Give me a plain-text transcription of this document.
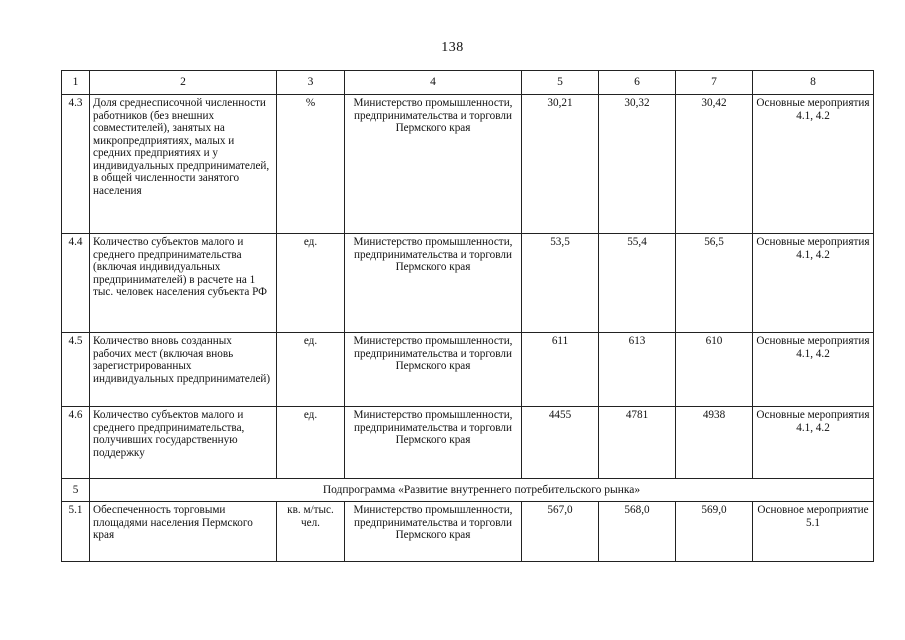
138
1	2	3	4	5	6	7	8
4.3	Доля среднесписочной численности работников (без внешних совместителей), занятых на микропредприятиях, малых и средних предприятиях и у индивидуальных предпринимателей, в общей численности занятого населения	%	Министерство промышленности, предпринимательства и торговли Пермского края	30,21	30,32	30,42	Основные мероприятия 4.1, 4.2
4.4	Количество субъектов малого и среднего предпринимательства (включая индивидуальных предпринимателей) в расчете на 1 тыс. человек населения субъекта РФ	ед.	Министерство промышленности, предпринимательства и торговли Пермского края	53,5	55,4	56,5	Основные мероприятия 4.1, 4.2
4.5	Количество вновь созданных рабочих мест (включая вновь зарегистрированных индивидуальных предпринимателей)	ед.	Министерство промышленности, предпринимательства и торговли Пермского края	611	613	610	Основные мероприятия 4.1, 4.2
4.6	Количество субъектов малого и среднего предпринимательства, получивших государственную поддержку	ед.	Министерство промышленности, предпринимательства и торговли Пермского края	4455	4781	4938	Основные мероприятия 4.1, 4.2
5	Подпрограмма «Развитие внутреннего потребительского рынка»						
5.1	Обеспеченность торговыми площадями населения Пермского края	кв. м/тыс. чел.	Министерство промышленности, предпринимательства и торговли Пермского края	567,0	568,0	569,0	Основное мероприятие 5.1
